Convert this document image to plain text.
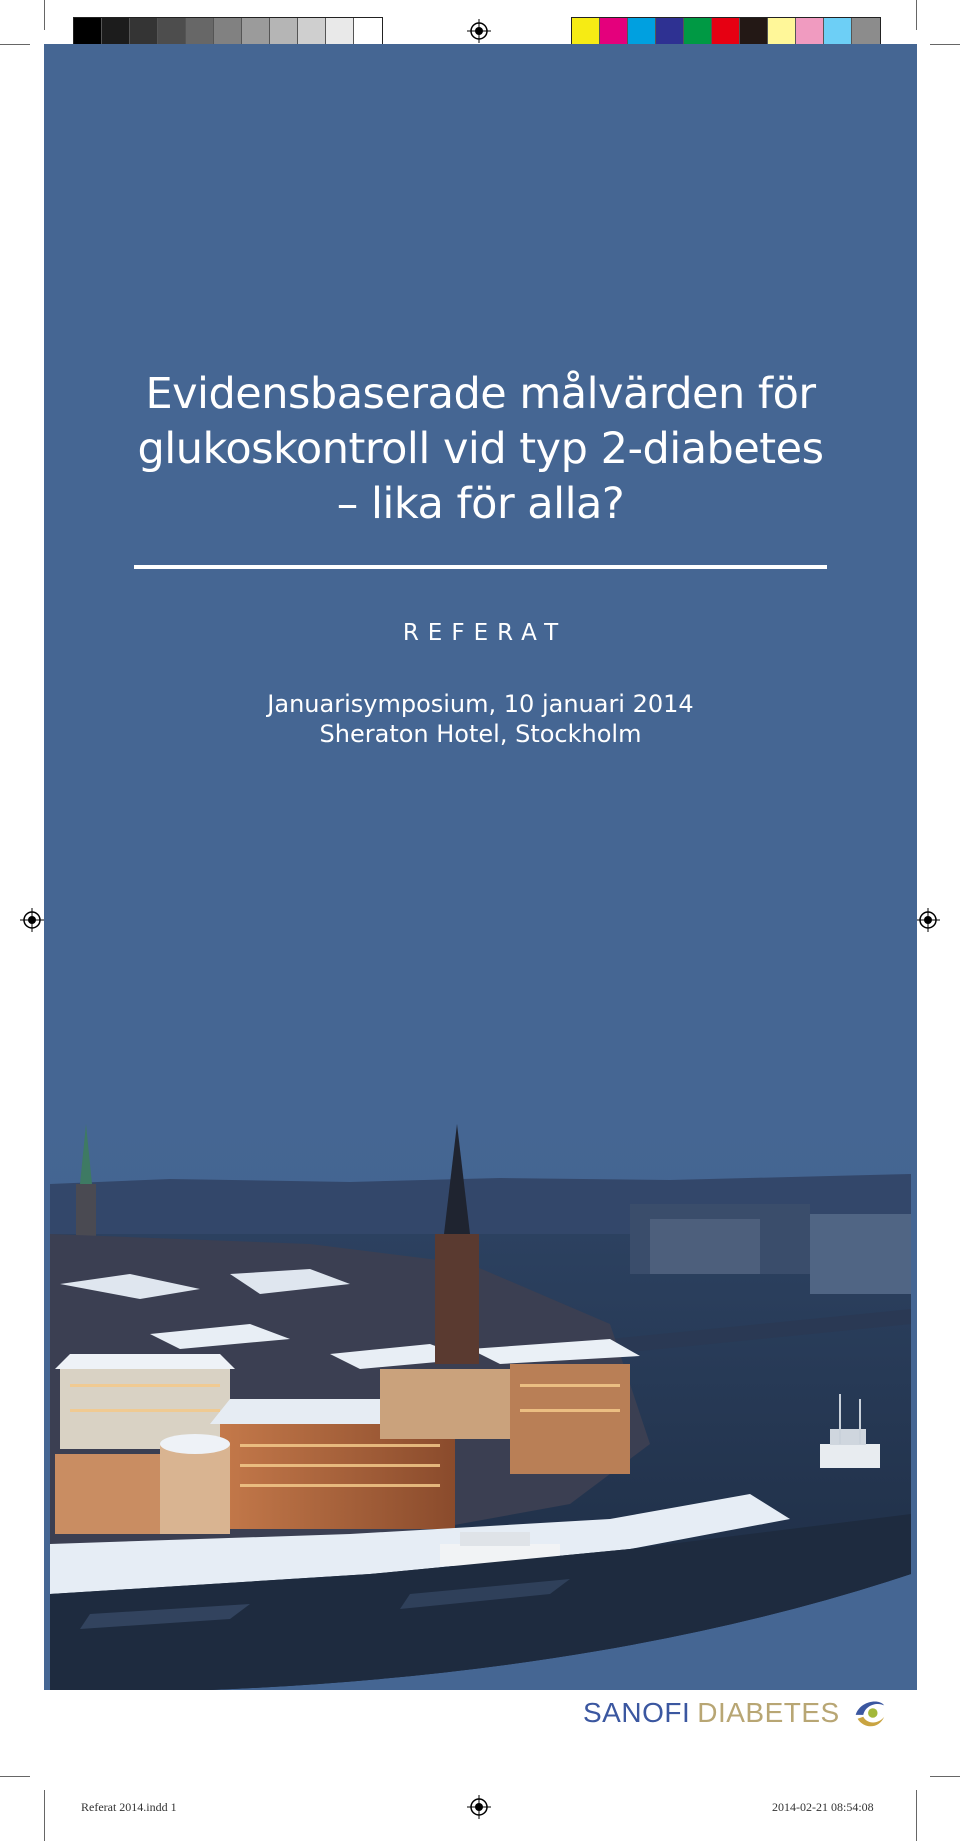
Evidensbaserade målvärden för
glukoskontroll vid typ 2-diabetes
– lika för alla?
REFERAT
Januarisymposium, 10 januari 2014
Sheraton Hotel, Stockholm
SANOFI DIABETES
Referat 2014.indd 1	2014-02-21 08:54:08
